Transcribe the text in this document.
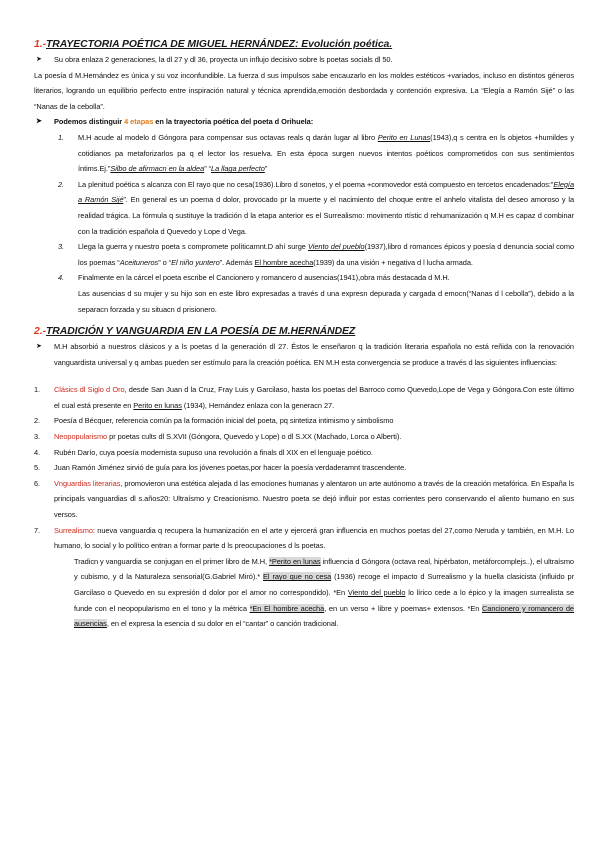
1.-TRAYECTORIA POÉTICA DE MIGUEL HERNÁNDEZ: Evolución poética.

➤ Su obra enlaza 2 generaciones, la dl 27 y dl 36, proyecta un influjo decisivo sobre ls poetas socials dl 50.

La poesía d M.Hernández es única y su voz inconfundible. La fuerza d sus impulsos sabe encauzarlo en los moldes estéticos +variados, incluso en distintos géneros literarios, logrando un equilibrio perfecto entre inspiración natural y técnica aprendida,emoción desbordada y contención expresiva. La “Elegía a Ramón Sijé” o las “Nanas de la cebolla”.

➤ Podemos distinguir 4 etapas en la trayectoria poética del poeta d Orihuela:

1. M.H acude al modelo d Góngora para compensar sus octavas reals q darán lugar al libro Perito en Lunas(1943),q s centra en ls objetos +humildes y cotidianos pa metaforizarlos pa q el lector los resuelva. En esta época surgen nuevos intentos poéticos comprometidos con sus sentimientos íntims.Ej.”Silbo de afirmacn en la aldea” “La llaga perfecto”
2. La plenitud poética s alcanza con El rayo que no cesa(1936).Libro d sonetos, y el poema +conmovedor está compuesto en tercetos encadenados:”Elegía a Ramón Sijé”. En general es un poema d dolor, provocado pr la muerte y el nacimiento del choque entre el anhelo vitalista del deseo amoroso y la realidad trágica. La fórmula q sustituye la tradición d la etapa anterior es el Surrealismo: movimento rtístic d rehumanización q M.H es capaz d combinar con la tradición española d Quevedo y Lope d Vega.
3. Llega la guerra y nuestro poeta s compromete políticamnt.D ahí surge Viento del pueblo(1937),libro d romances épicos y poesía d denuncia social como los poemas “Aceituneros” o “El niño yuntero”. Además El hombre acecha(1939) da una visión + negativa d l lucha armada.
4. Finalmente en la cárcel el poeta escribe el Cancionero y romancero d ausencias(1941),obra más destacada d M.H.
Las ausencias d su mujer y su hijo son en este libro expresadas a través d una expresn depurada y cargada d emocn(“Nanas d l cebolla”), debido a la separacn forzada y su situacn d prisionero.
2.-TRADICIÓN Y VANGUARDIA EN LA POESÍA DE M.HERNÁNDEZ

➤ M.H absorbió a nuestros clásicos y a ls poetas d la generación dl 27. Éstos le enseñaron q la tradición literaria española no está reñida con la renovación vanguardista universal y q ambas pueden ser estímulo para la creación poética. EN M.H esta convergencia se produce a través d las siguientes influencias:

1. Clásics dl Siglo d Oro, desde San Juan d la Cruz, Fray Luis y Garcilaso, hasta los poetas del Barroco como Quevedo,Lope de Vega y Góngora.Con este último el cual está presente en Perito en lunas (1934), Hernández enlaza con la generacn 27.
2. Poesía d Bécquer, referencia común pa la formación inicial del poeta, pq sintetiza intimismo y simbolismo
3. Neopopularismo pr poetas cults dl S.XVII (Góngora, Quevedo y Lope) o dl S.XX (Machado, Lorca o Alberti).
4. Rubén Darío, cuya poesía modernista supuso una revolución a finals dl XIX en el lenguaje poético.
5. Juan Ramón Jiménez sirvió de guía para los jóvenes poetas,por hacer la poesía verdaderamnt trascendente.
6. Vnguardias literarias, promovieron una estética alejada d las emociones humanas y alentaron un arte autónomo a través de la creación metafórica. En España ls principals vanguardias dl s.años20: Ultraísmo y Creacionismo. Nuestro poeta se dejó influir por estas corrientes pero conservando el aliento humano en sus versos.
7. Surrealismo: nueva vanguardia q recupera la humanización en el arte y ejercerá gran influencia en muchos poetas del 27,como Neruda y también, en M.H. Lo humano, lo social y lo político entran a formar parte d ls preocupaciones d ls poetas.

Tradicn y vanguardia se conjugan en el primer libro de M.H, *Perito en lunas influencia d Góngora (octava real, hipérbaton, metáforcomplejs..), el ultraísmo y cubismo, y d la Naturaleza sensorial(G.Gabriel Miró).* El rayo que no cesa (1936) recoge el impacto d Surrealismo y la huella clasicista (influido pr Garcilaso o Quevedo en su expresión d dolor por el amor no correspondido). *En Viento del pueblo lo lírico cede a lo épico y la imagen surrealista se funde con el neopopularismo en el tono y la métrica *En El hombre acecha, en un verso + libre y poemas+ extensos. *En Cancionero y romancero de ausencias, en el expresa la esencia d su dolor en el “cantar” o canción tradicional.
